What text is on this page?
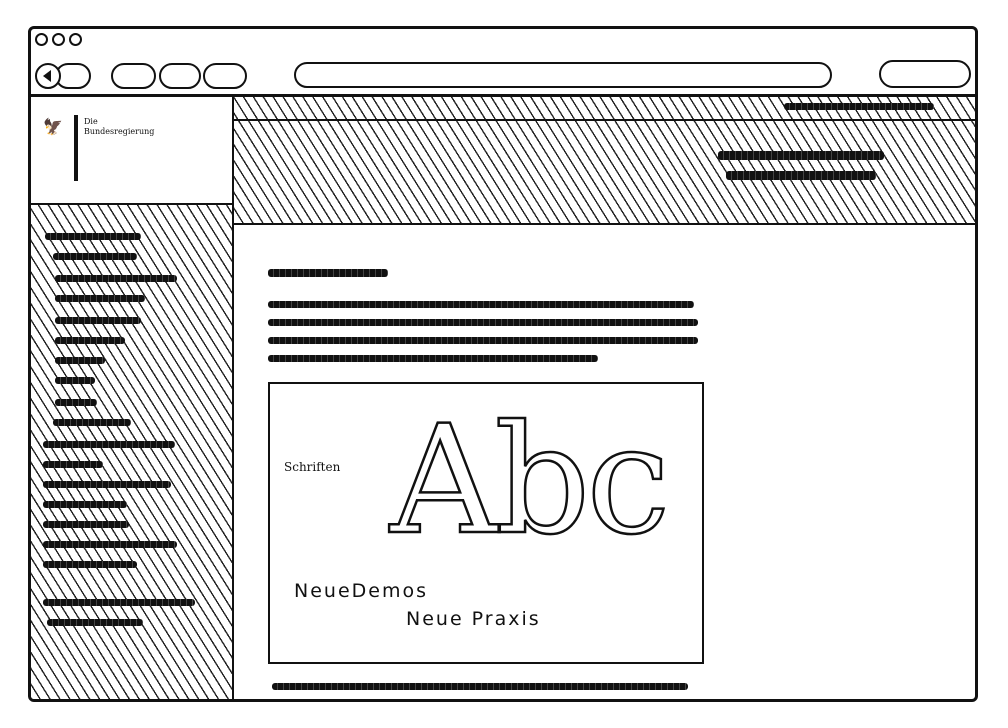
🦅	Die
Bundesregierung
Schriften Abc
NeueDemos
Neue Praxis
